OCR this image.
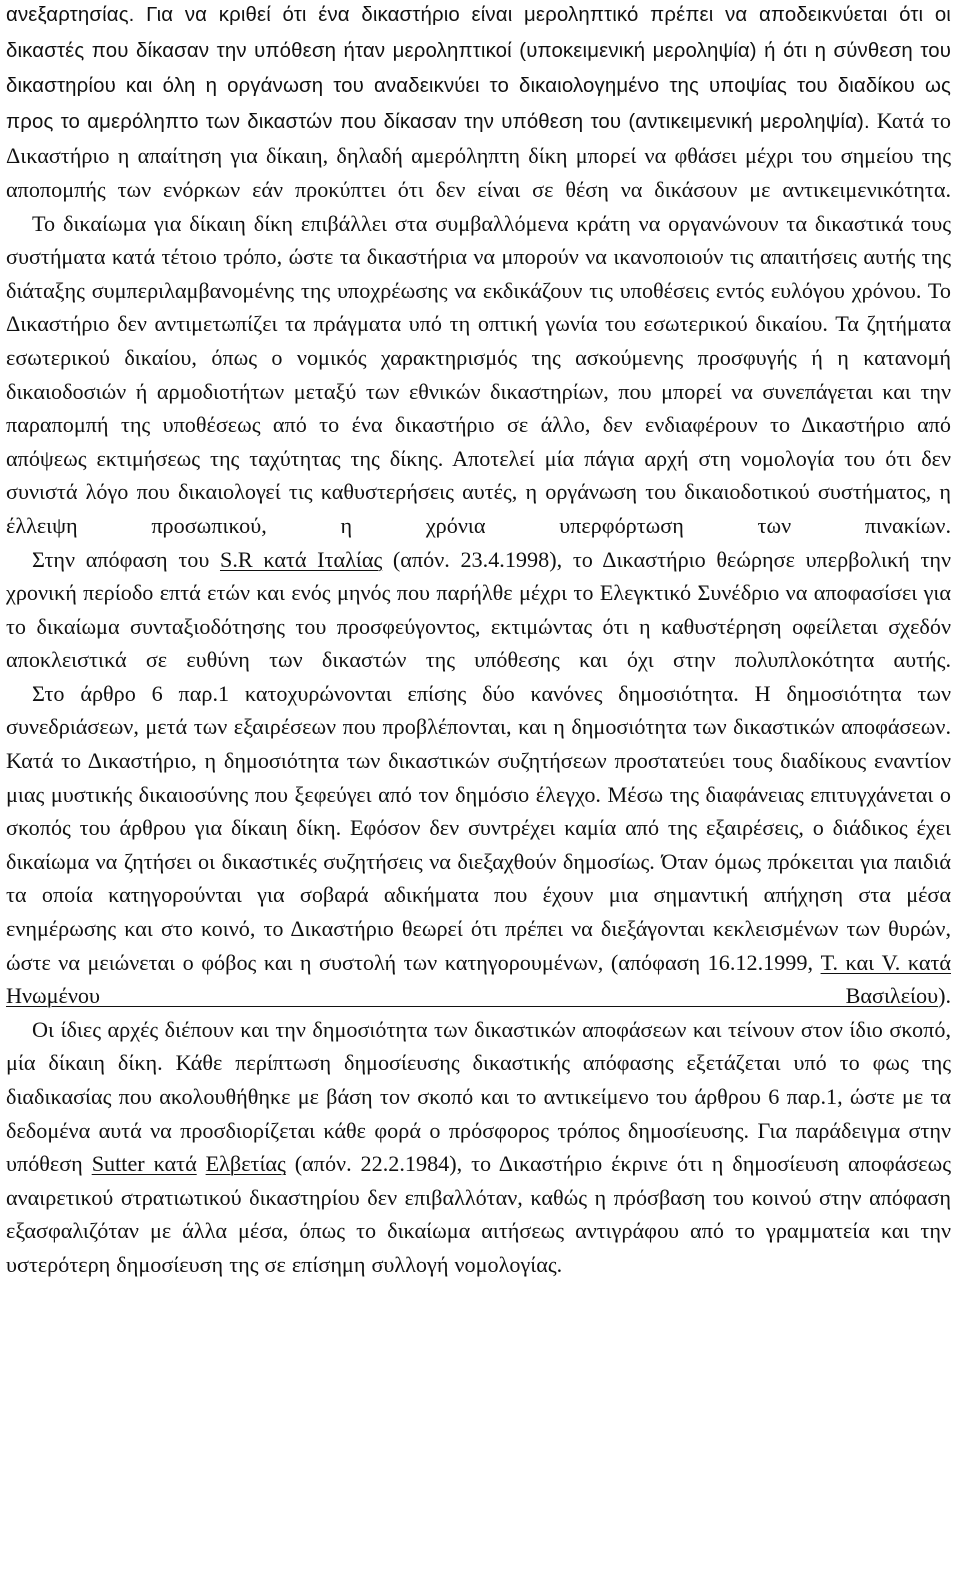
ανεξαρτησίας. Για να κριθεί ότι ένα δικαστήριο είναι μεροληπτικό πρέπει να αποδεικνύεται ότι οι δικαστές που δίκασαν την υπόθεση ήταν μεροληπτικοί (υποκειμενική μεροληψία) ή ότι η σύνθεση του δικαστηρίου και όλη η οργάνωση του αναδεικνύει το δικαιολογημένο της υποψίας του διαδίκου ως προς το αμερόληπτο των δικαστών που δίκασαν την υπόθεση του (αντικειμενική μεροληψία). Κατά το Δικαστήριο η απαίτηση για δίκαιη, δηλαδή αμερόληπτη δίκη μπορεί να φθάσει μέχρι του σημείου της αποπομπής των ενόρκων εάν προκύπτει ότι δεν είναι σε θέση να δικάσουν με αντικειμενικότητα.

Το δικαίωμα για δίκαιη δίκη επιβάλλει στα συμβαλλόμενα κράτη να οργανώνουν τα δικαστικά τους συστήματα κατά τέτοιο τρόπο, ώστε τα δικαστήρια να μπορούν να ικανοποιούν τις απαιτήσεις αυτής της διάταξης συμπεριλαμβανομένης της υποχρέωσης να εκδικάζουν τις υποθέσεις εντός ευλόγου χρόνου. Το Δικαστήριο δεν αντιμετωπίζει τα πράγματα υπό τη οπτική γωνία του εσωτερικού δικαίου. Τα ζητήματα εσωτερικού δικαίου, όπως ο νομικός χαρακτηρισμός της ασκούμενης προσφυγής ή η κατανομή δικαιοδοσιών ή αρμοδιοτήτων μεταξύ των εθνικών δικαστηρίων, που μπορεί να συνεπάγεται και την παραπομπή της υποθέσεως από το ένα δικαστήριο σε άλλο, δεν ενδιαφέρουν το Δικαστήριο από απόψεως εκτιμήσεως της ταχύτητας της δίκης. Αποτελεί μία πάγια αρχή στη νομολογία του ότι δεν συνιστά λόγο που δικαιολογεί τις καθυστερήσεις αυτές, η οργάνωση του δικαιοδοτικού συστήματος, η έλλειψη προσωπικού, η χρόνια υπερφόρτωση των πινακίων.

Στην απόφαση του S.R κατά Ιταλίας (απόν. 23.4.1998), το Δικαστήριο θεώρησε υπερβολική την χρονική περίοδο επτά ετών και ενός μηνός που παρήλθε μέχρι το Ελεγκτικό Συνέδριο να αποφασίσει για το δικαίωμα συνταξιοδότησης του προσφεύγοντος, εκτιμώντας ότι η καθυστέρηση οφείλεται σχεδόν αποκλειστικά σε ευθύνη των δικαστών της υπόθεσης και όχι στην πολυπλοκότητα αυτής.

Στο άρθρο 6 παρ.1 κατοχυρώνονται επίσης δύο κανόνες δημοσιότητα. Η δημοσιότητα των συνεδριάσεων, μετά των εξαιρέσεων που προβλέπονται, και η δημοσιότητα των δικαστικών αποφάσεων. Κατά το Δικαστήριο, η δημοσιότητα των δικαστικών συζητήσεων προστατεύει τους διαδίκους εναντίον μιας μυστικής δικαιοσύνης που ξεφεύγει από τον δημόσιο έλεγχο. Μέσω της διαφάνειας επιτυγχάνεται ο σκοπός του άρθρου για δίκαιη δίκη. Εφόσον δεν συντρέχει καμία από της εξαιρέσεις, ο διάδικος έχει δικαίωμα να ζητήσει οι δικαστικές συζητήσεις να διεξαχθούν δημοσίως. Όταν όμως πρόκειται για παιδιά τα οποία κατηγορούνται για σοβαρά αδικήματα που έχουν μια σημαντική απήχηση στα μέσα ενημέρωσης και στο κοινό, το Δικαστήριο θεωρεί ότι πρέπει να διεξάγονται κεκλεισμένων των θυρών, ώστε να μειώνεται ο φόβος και η συστολή των κατηγορουμένων, (απόφαση 16.12.1999, T. και V. κατά Ηνωμένου Βασιλείου).

Οι ίδιες αρχές διέπουν και την δημοσιότητα των δικαστικών αποφάσεων και τείνουν στον ίδιο σκοπό, μία δίκαιη δίκη. Κάθε περίπτωση δημοσίευσης δικαστικής απόφασης εξετάζεται υπό το φως της διαδικασίας που ακολουθήθηκε με βάση τον σκοπό και το αντικείμενο του άρθρου 6 παρ.1, ώστε με τα δεδομένα αυτά να προσδιορίζεται κάθε φορά ο πρόσφορος τρόπος δημοσίευσης. Για παράδειγμα στην υπόθεση Sutter κατά Ελβετίας (απόν. 22.2.1984), το Δικαστήριο έκρινε ότι η δημοσίευση αποφάσεως αναιρετικού στρατιωτικού δικαστηρίου δεν επιβαλλόταν, καθώς η πρόσβαση του κοινού στην απόφαση εξασφαλιζόταν με άλλα μέσα, όπως το δικαίωμα αιτήσεως αντιγράφου από το γραμματεία και την υστερότερη δημοσίευση της σε επίσημη συλλογή νομολογίας.
